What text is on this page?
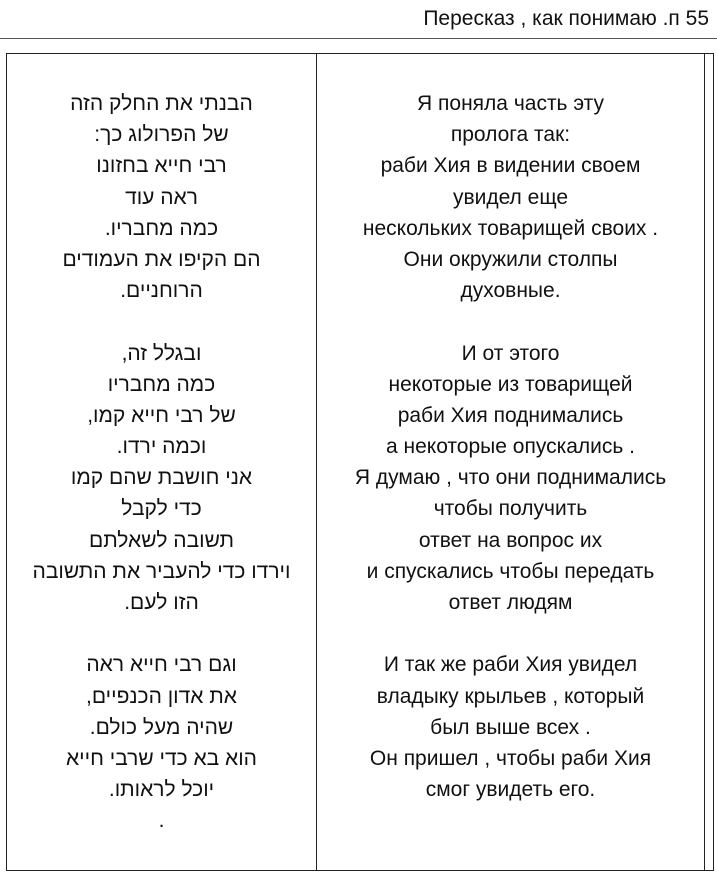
Пересказ , как понимаю .п 55
הבנתי את החלק הזה
של הפרולוג כך:
רבי חייא בחזונו
ראה עוד
כמה מחבריו.
הם הקיפו את העמודים
הרוחניים.
ובגלל זה,
כמה מחבריו
של רבי חייא קמו,
וכמה ירדו.
אני חושבת שהם קמו
כדי לקבל
תשובה לשאלתם
וירדו כדי להעביר את התשובה
הזו לעם.
וגם רבי חייא ראה
את אדון הכנפיים,
שהיה מעל כולם.
הוא בא כדי שרבי חייא
יוכל לראותו.
.
Я поняла часть эту
пролога так:
раби Хия в видении своем
увидел еще
нескольких товарищей своих .
Они окружили столпы
духовные.
И от этого
некоторые из товарищей
раби Хия поднимались
а некоторые опускались .
Я думаю , что они поднимались
чтобы получить
ответ на вопрос их
и спускались чтобы передать
ответ людям
И так же раби Хия увидел
владыку крыльев , который
был выше всех .
Он пришел , чтобы раби Хия
смог увидеть его.
